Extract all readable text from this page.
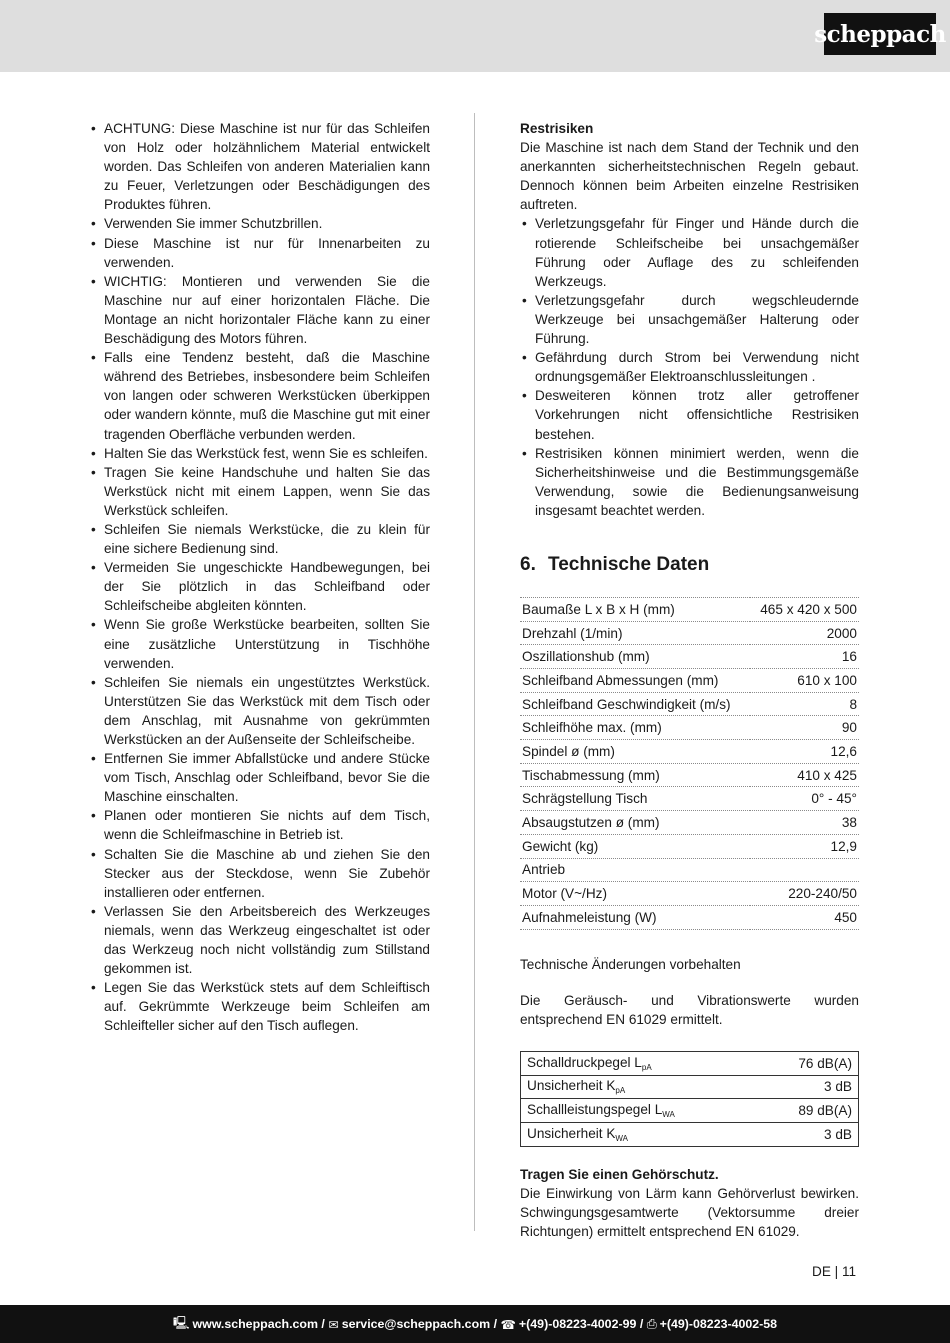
scheppach
• ACHTUNG: Diese Maschine ist nur für das Schleifen von Holz oder holzähnlichem Material entwickelt worden. Das Schleifen von anderen Materialien kann zu Feuer, Verletzungen oder Beschädigungen des Produktes führen.
• Verwenden Sie immer Schutzbrillen.
• Diese Maschine ist nur für Innenarbeiten zu verwenden.
• WICHTIG: Montieren und verwenden Sie die Maschine nur auf einer horizontalen Fläche. Die Montage an nicht horizontaler Fläche kann zu einer Beschädigung des Motors führen.
• Falls eine Tendenz besteht, daß die Maschine während des Betriebes, insbesondere beim Schleifen von langen oder schweren Werkstücken überkippen oder wandern könnte, muß die Maschine gut mit einer tragenden Oberfläche verbunden werden.
• Halten Sie das Werkstück fest, wenn Sie es schleifen.
• Tragen Sie keine Handschuhe und halten Sie das Werkstück nicht mit einem Lappen, wenn Sie das Werkstück schleifen.
• Schleifen Sie niemals Werkstücke, die zu klein für eine sichere Bedienung sind.
• Vermeiden Sie ungeschickte Handbewegungen, bei der Sie plötzlich in das Schleifband oder Schleifscheibe abgleiten könnten.
• Wenn Sie große Werkstücke bearbeiten, sollten Sie eine zusätzliche Unterstützung in Tischhöhe verwenden.
• Schleifen Sie niemals ein ungestütztes Werkstück. Unterstützen Sie das Werkstück mit dem Tisch oder dem Anschlag, mit Ausnahme von gekrümmten Werkstücken an der Außenseite der Schleifscheibe.
• Entfernen Sie immer Abfallstücke und andere Stücke vom Tisch, Anschlag oder Schleifband, bevor Sie die Maschine einschalten.
• Planen oder montieren Sie nichts auf dem Tisch, wenn die Schleifmaschine in Betrieb ist.
• Schalten Sie die Maschine ab und ziehen Sie den Stecker aus der Steckdose, wenn Sie Zubehör installieren oder entfernen.
• Verlassen Sie den Arbeitsbereich des Werkzeuges niemals, wenn das Werkzeug eingeschaltet ist oder das Werkzeug noch nicht vollständig zum Stillstand gekommen ist.
• Legen Sie das Werkstück stets auf dem Schleiftisch auf. Gekrümmte Werkzeuge beim Schleifen am Schleifteller sicher auf den Tisch auflegen.

Restrisiken

Die Maschine ist nach dem Stand der Technik und den anerkannten sicherheitstechnischen Regeln gebaut. Dennoch können beim Arbeiten einzelne Restrisiken auftreten.

• Verletzungsgefahr für Finger und Hände durch die rotierende Schleifscheibe bei unsachgemäßer Führung oder Auflage des zu schleifenden Werkzeugs.
• Verletzungsgefahr durch wegschleudernde Werkzeuge bei unsachgemäßer Halterung oder Führung.
• Gefährdung durch Strom bei Verwendung nicht ordnungsgemäßer Elektroanschlussleitungen .
• Desweiteren können trotz aller getroffener Vorkehrungen nicht offensichtliche Restrisiken bestehen.
• Restrisiken können minimiert werden, wenn die Sicherheitshinweise und die Bestimmungsgemäße Verwendung, sowie die Bedienungsanweisung insgesamt beachtet werden.
6. Technische Daten
Baumaße L x B x H (mm)	465 x 420 x 500
Drehzahl (1/min)	2000
Oszillationshub (mm)	16
Schleifband Abmessungen (mm)	610 x 100
Schleifband Geschwindigkeit (m/s)	8
Schleifhöhe max. (mm)	90
Spindel ø (mm)	12,6
Tischabmessung (mm)	410 x 425
Schrägstellung Tisch	0° - 45°
Absaugstutzen ø (mm)	38
Gewicht (kg)	12,9
Antrieb	
Motor (V~/Hz)	220-240/50
Aufnahmeleistung (W)	450

Technische Änderungen vorbehalten

Die Geräusch- und Vibrationswerte wurden entsprechend EN 61029 ermittelt.

Schalldruckpegel $L_{pA}$	76 dB(A)
Unsicherheit $K_{pA}$	3 dB
Schallleistungspegel $L_{WA}$	89 dB(A)
Unsicherheit $K_{WA}$	3 dB

Tragen Sie einen Gehörschutz.

Die Einwirkung von Lärm kann Gehörverlust bewirken. Schwingungsgesamtwerte (Vektorsumme dreier Richtungen) ermittelt entsprechend EN 61029.

DE | 11
🖳 www.scheppach.com / ✉ service@scheppach.com / ☎ +(49)-08223-4002-99 / ⎙ +(49)-08223-4002-58
